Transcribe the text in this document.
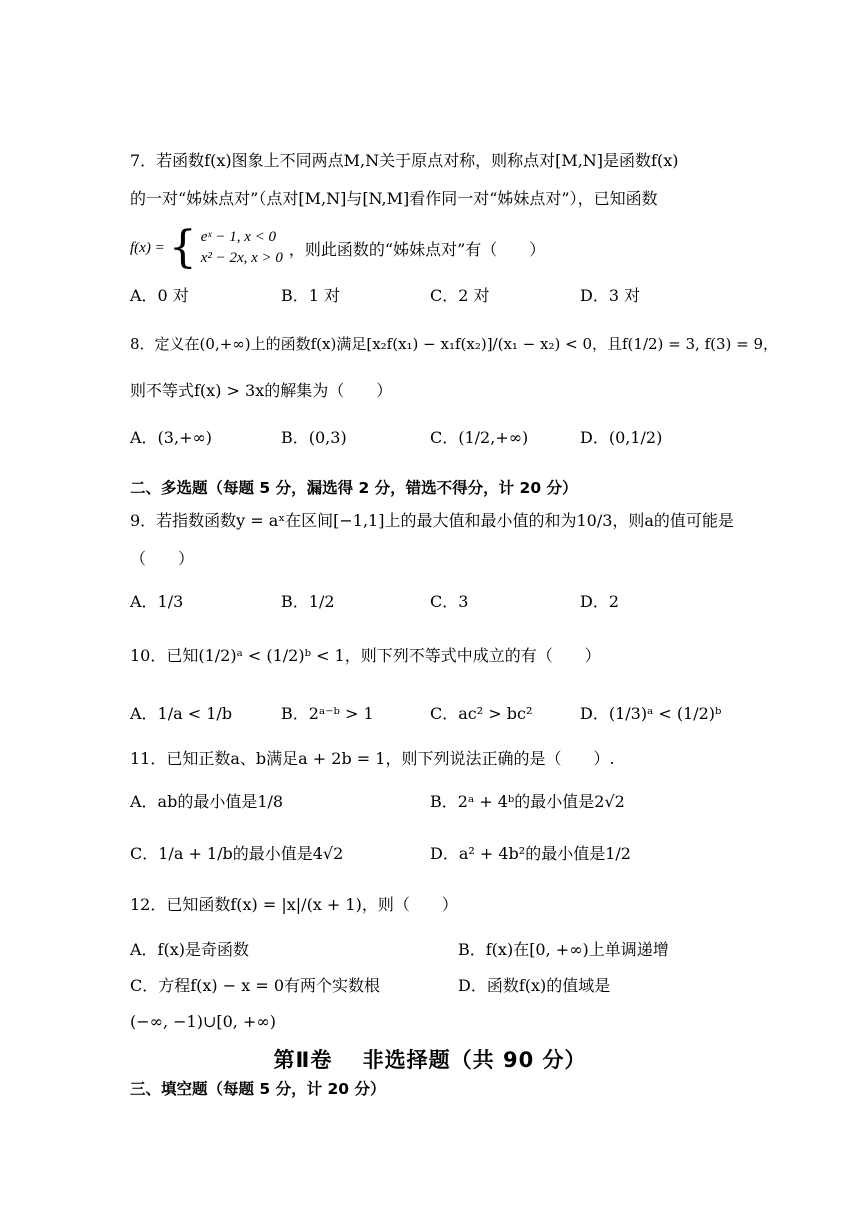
7．若函数f(x)图象上不同两点M,N关于原点对称，则称点对[M,N]是函数f(x)
的一对“姊妹点对”（点对[M,N]与[N,M]看作同一对“姊妹点对”），已知函数
f(x) = { eˣ − 1, x < 0
x² − 2x, x > 0 ，则此函数的“姊妹点对”有（　　）
A．0 对	B．1 对	C．2 对	D．3 对
8．定义在(0,+∞)上的函数f(x)满足[x₂f(x₁) − x₁f(x₂)]/(x₁ − x₂) < 0，且f(1/2) = 3, f(3) = 9，
则不等式f(x) > 3x的解集为（　　）
A．(3,+∞)	B．(0,3)	C．(1/2,+∞)	D．(0,1/2)
二、多选题（每题 5 分，漏选得 2 分，错选不得分，计 20 分）
9．若指数函数y = aˣ在区间[−1,1]上的最大值和最小值的和为10/3，则a的值可能是
（　　）
A．1/3	B．1/2	C．3	D．2
10．已知(1/2)ᵃ < (1/2)ᵇ < 1，则下列不等式中成立的有（　　）
A．1/a < 1/b	B．2ᵃ⁻ᵇ > 1	C．ac² > bc²	D．(1/3)ᵃ < (1/2)ᵇ
11．已知正数a、b满足a + 2b = 1，则下列说法正确的是（　　）.
A．ab的最小值是1/8	B．2ᵃ + 4ᵇ的最小值是2√2
C．1/a + 1/b的最小值是4√2	D．a² + 4b²的最小值是1/2
12．已知函数f(x) = |x|/(x + 1)，则（　　）
A．f(x)是奇函数	B．f(x)在[0, +∞)上单调递增
C．方程f(x) − x = 0有两个实数根	D．函数f(x)的值域是
(−∞, −1)∪[0, +∞)
第Ⅱ卷　 非选择题（共 90 分）
三、填空题（每题 5 分，计 20 分）
